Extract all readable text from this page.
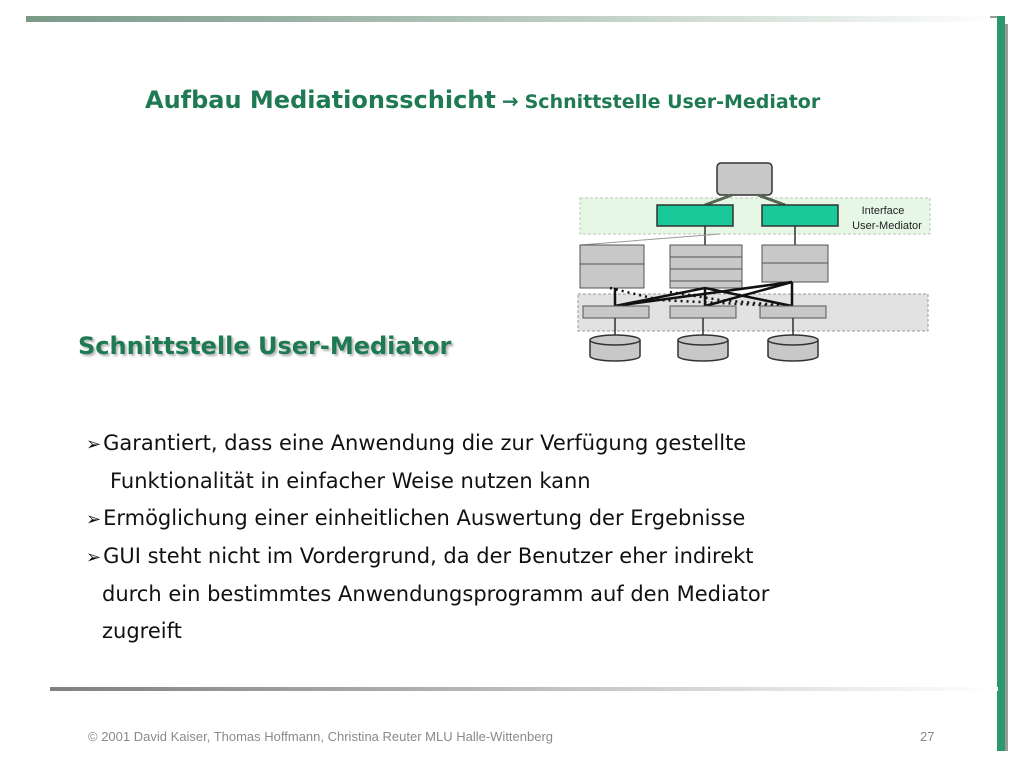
Aufbau Mediationsschicht → Schnittstelle User-Mediator
Interface
User-Mediator
Schnittstelle User-Mediator
➢Garantiert, dass eine Anwendung die zur Verfügung gestellte
Funktionalität in einfacher Weise nutzen kann
➢Ermöglichung einer einheitlichen Auswertung der Ergebnisse
➢GUI steht nicht im Vordergrund, da der Benutzer eher indirekt
durch ein bestimmtes Anwendungsprogramm auf den Mediator
zugreift
© 2001 David Kaiser, Thomas Hoffmann, Christina Reuter MLU Halle-Wittenberg	27
